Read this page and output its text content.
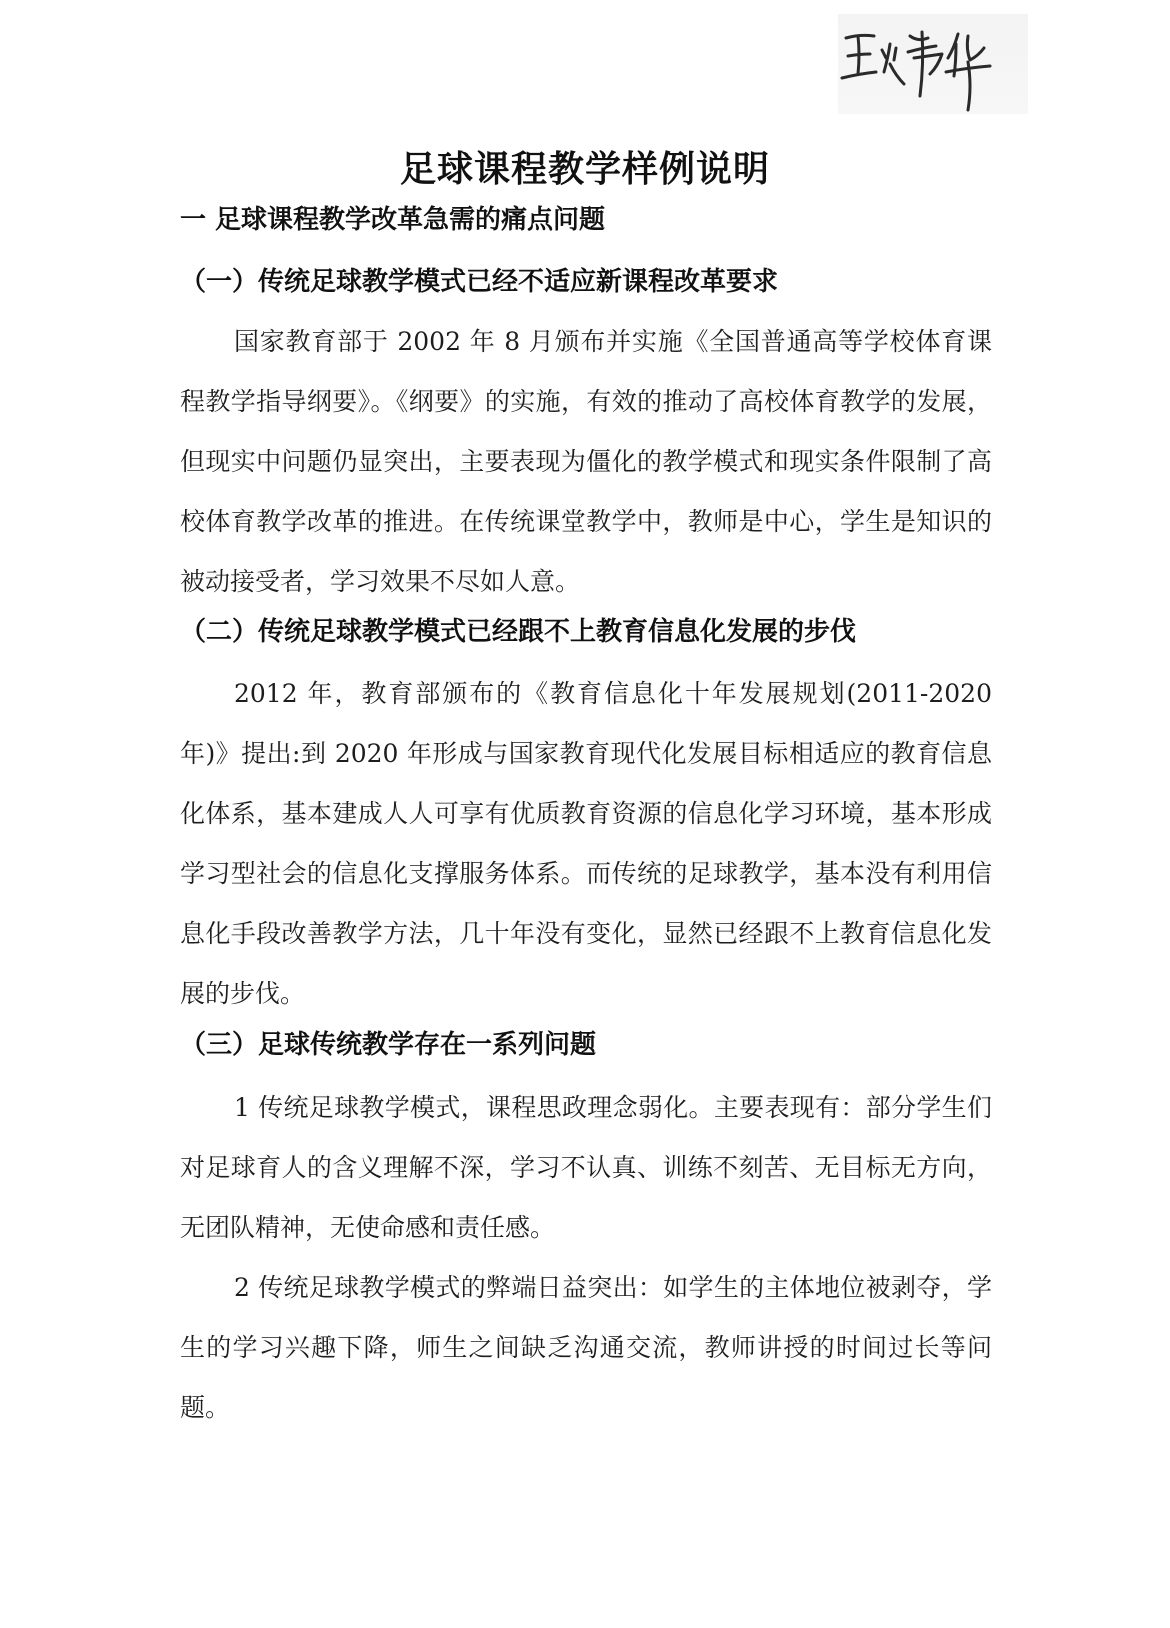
足球课程教学样例说明
一 足球课程教学改革急需的痛点问题
（一）传统足球教学模式已经不适应新课程改革要求

国家教育部于 2002 年 8 月颁布并实施《全国普通高等学校体育课程教学指导纲要》。《纲要》的实施，有效的推动了高校体育教学的发展，但现实中问题仍显突出，主要表现为僵化的教学模式和现实条件限制了高校体育教学改革的推进。在传统课堂教学中，教师是中心，学生是知识的被动接受者，学习效果不尽如人意。

（二）传统足球教学模式已经跟不上教育信息化发展的步伐

2012 年，教育部颁布的《教育信息化十年发展规划(2011-2020 年)》提出:到 2020 年形成与国家教育现代化发展目标相适应的教育信息化体系，基本建成人人可享有优质教育资源的信息化学习环境，基本形成学习型社会的信息化支撑服务体系。而传统的足球教学，基本没有利用信息化手段改善教学方法，几十年没有变化，显然已经跟不上教育信息化发展的步伐。

（三）足球传统教学存在一系列问题

1 传统足球教学模式，课程思政理念弱化。主要表现有：部分学生们对足球育人的含义理解不深，学习不认真、训练不刻苦、无目标无方向，无团队精神，无使命感和责任感。

2 传统足球教学模式的弊端日益突出：如学生的主体地位被剥夺，学生的学习兴趣下降，师生之间缺乏沟通交流，教师讲授的时间过长等问题。
